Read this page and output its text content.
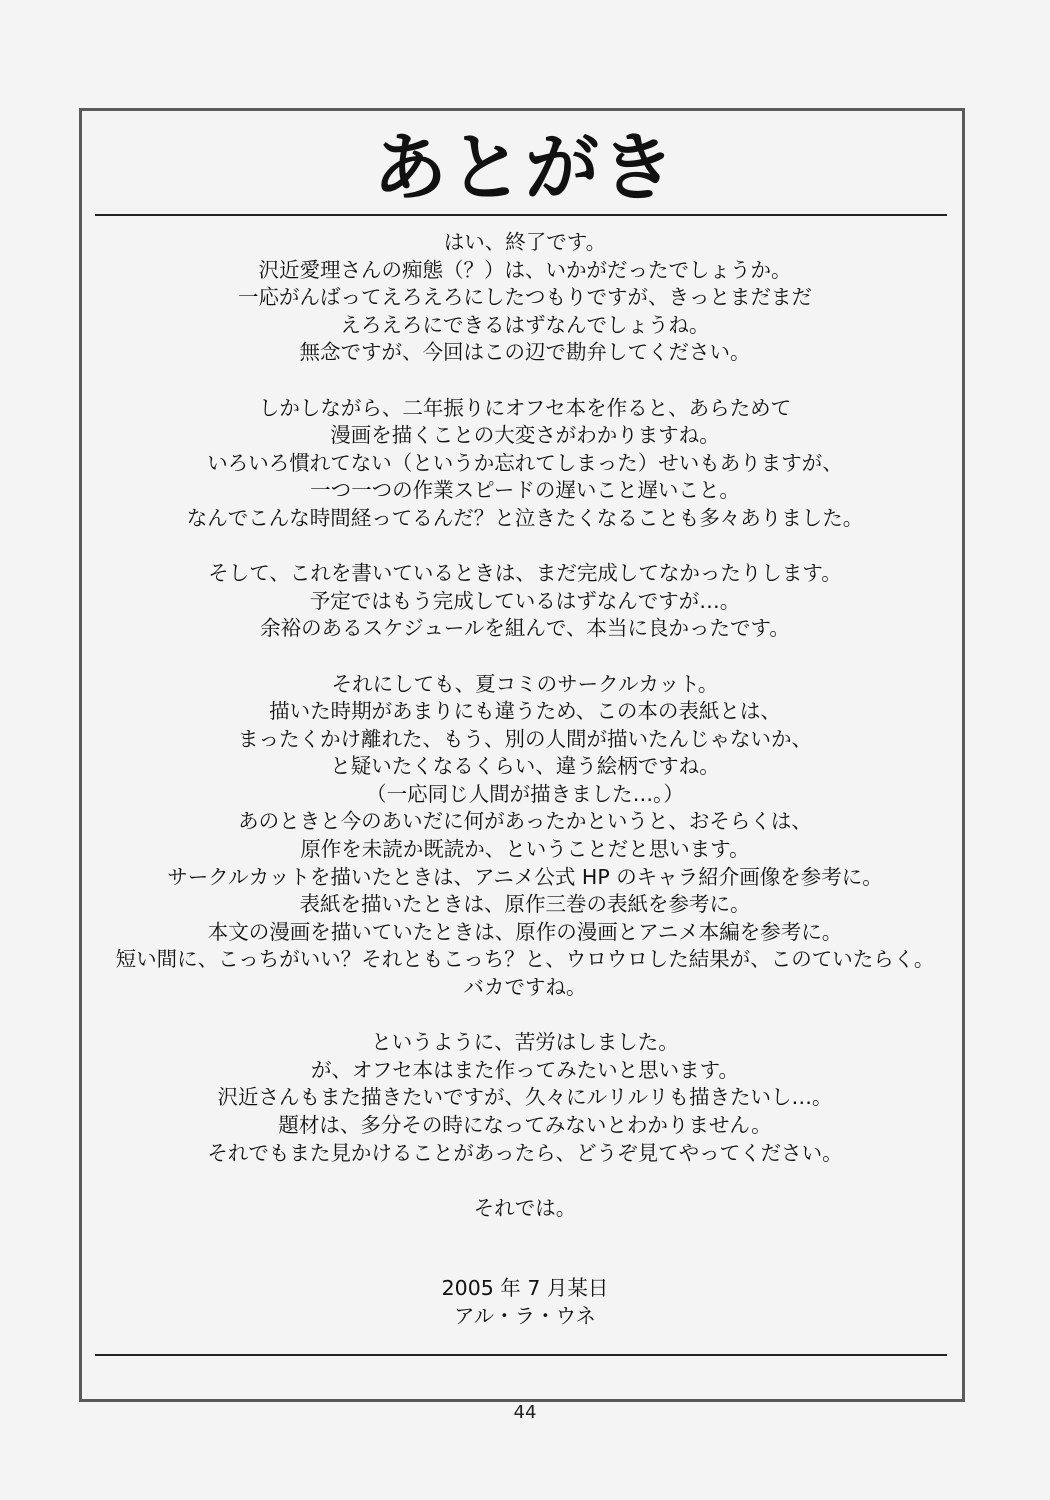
あとがき
はい、終了です。
沢近愛理さんの痴態（？）は、いかがだったでしょうか。
一応がんばってえろえろにしたつもりですが、きっとまだまだ
えろえろにできるはずなんでしょうね。
無念ですが、今回はこの辺で勘弁してください。
しかしながら、二年振りにオフセ本を作ると、あらためて
漫画を描くことの大変さがわかりますね。
いろいろ慣れてない（というか忘れてしまった）せいもありますが、
一つ一つの作業スピードの遅いこと遅いこと。
なんでこんな時間経ってるんだ？と泣きたくなることも多々ありました。
そして、これを書いているときは、まだ完成してなかったりします。
予定ではもう完成しているはずなんですが…。
余裕のあるスケジュールを組んで、本当に良かったです。
それにしても、夏コミのサークルカット。
描いた時期があまりにも違うため、この本の表紙とは、
まったくかけ離れた、もう、別の人間が描いたんじゃないか、
と疑いたくなるくらい、違う絵柄ですね。
（一応同じ人間が描きました…。）
あのときと今のあいだに何があったかというと、おそらくは、
原作を未読か既読か、ということだと思います。
サークルカットを描いたときは、アニメ公式 HP のキャラ紹介画像を参考に。
表紙を描いたときは、原作三巻の表紙を参考に。
本文の漫画を描いていたときは、原作の漫画とアニメ本編を参考に。
短い間に、こっちがいい？それともこっち？と、ウロウロした結果が、このていたらく。
バカですね。
というように、苦労はしました。
が、オフセ本はまた作ってみたいと思います。
沢近さんもまた描きたいですが、久々にルリルリも描きたいし…。
題材は、多分その時になってみないとわかりません。
それでもまた見かけることがあったら、どうぞ見てやってください。
それでは。
2005 年 7 月某日
アル・ラ・ウネ
44
